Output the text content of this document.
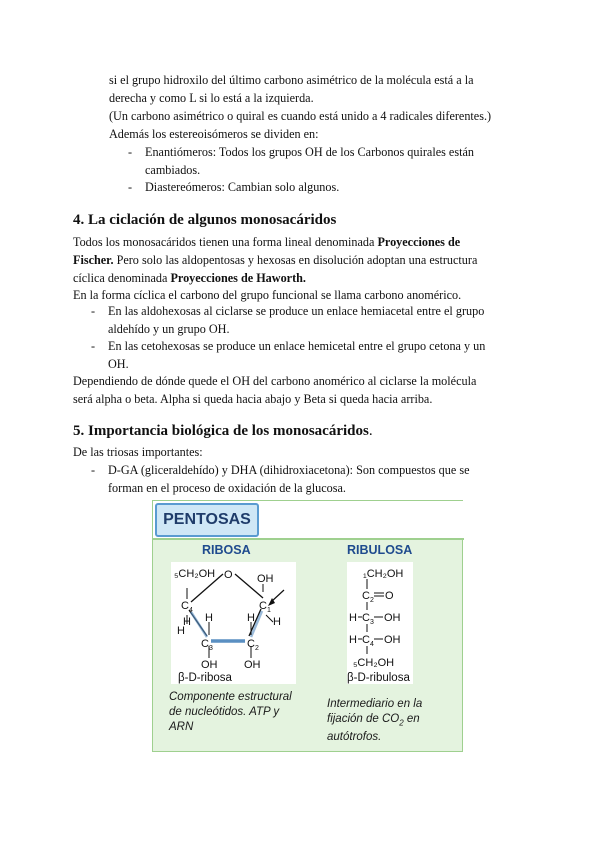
si el grupo hidroxilo del último carbono asimétrico de la molécula está a la
derecha y como L si lo está a la izquierda.
(Un carbono asimétrico o quiral es cuando está unido a 4 radicales diferentes.)
Además los estereoisómeros se dividen en:
- Enantiómeros: Todos los grupos OH de los Carbonos quirales están
cambiados.
- Diastereómeros: Cambian solo algunos.
4. La ciclación de algunos monosacáridos
Todos los monosacáridos tienen una forma lineal denominada Proyecciones de
Fischer. Pero solo las aldopentosas y hexosas en disolución adoptan una estructura
cíclica denominada Proyecciones de Haworth.
En la forma cíclica el carbono del grupo funcional se llama carbono anomérico.
- En las aldohexosas al ciclarse se produce un enlace hemiacetal entre el grupo
aldehído y un grupo OH.
- En las cetohexosas se produce un enlace hemicetal entre el grupo cetona y un
OH.
Dependiendo de dónde quede el OH del carbono anomérico al ciclarse la molécula
será alpha o beta. Alpha si queda hacia abajo y Beta si queda hacia arriba.
5. Importancia biológica de los monosacáridos.
De las triosas importantes:
- D-GA (gliceraldehído) y DHA (dihidroxiacetona): Son compuestos que se
forman en el proceso de oxidación de la glucosa.
PENTOSAS
RIBOSA	RIBULOSA
₅CH₂OH O OH
$C_4$	$C_1$
H	H
H	H
H
$C_3$	$C_2$
OH OH
β-D-ribosa
₁CH₂OH
$C_2$ O
H $C_3$ OH
H $C_4$ OH
₅CH₂OH
β-D-ribulosa
Componente estructural
de nucleótidos. ATP y
ARN
Intermediario en la
fijación de $CO_2$ en
autótrofos.
